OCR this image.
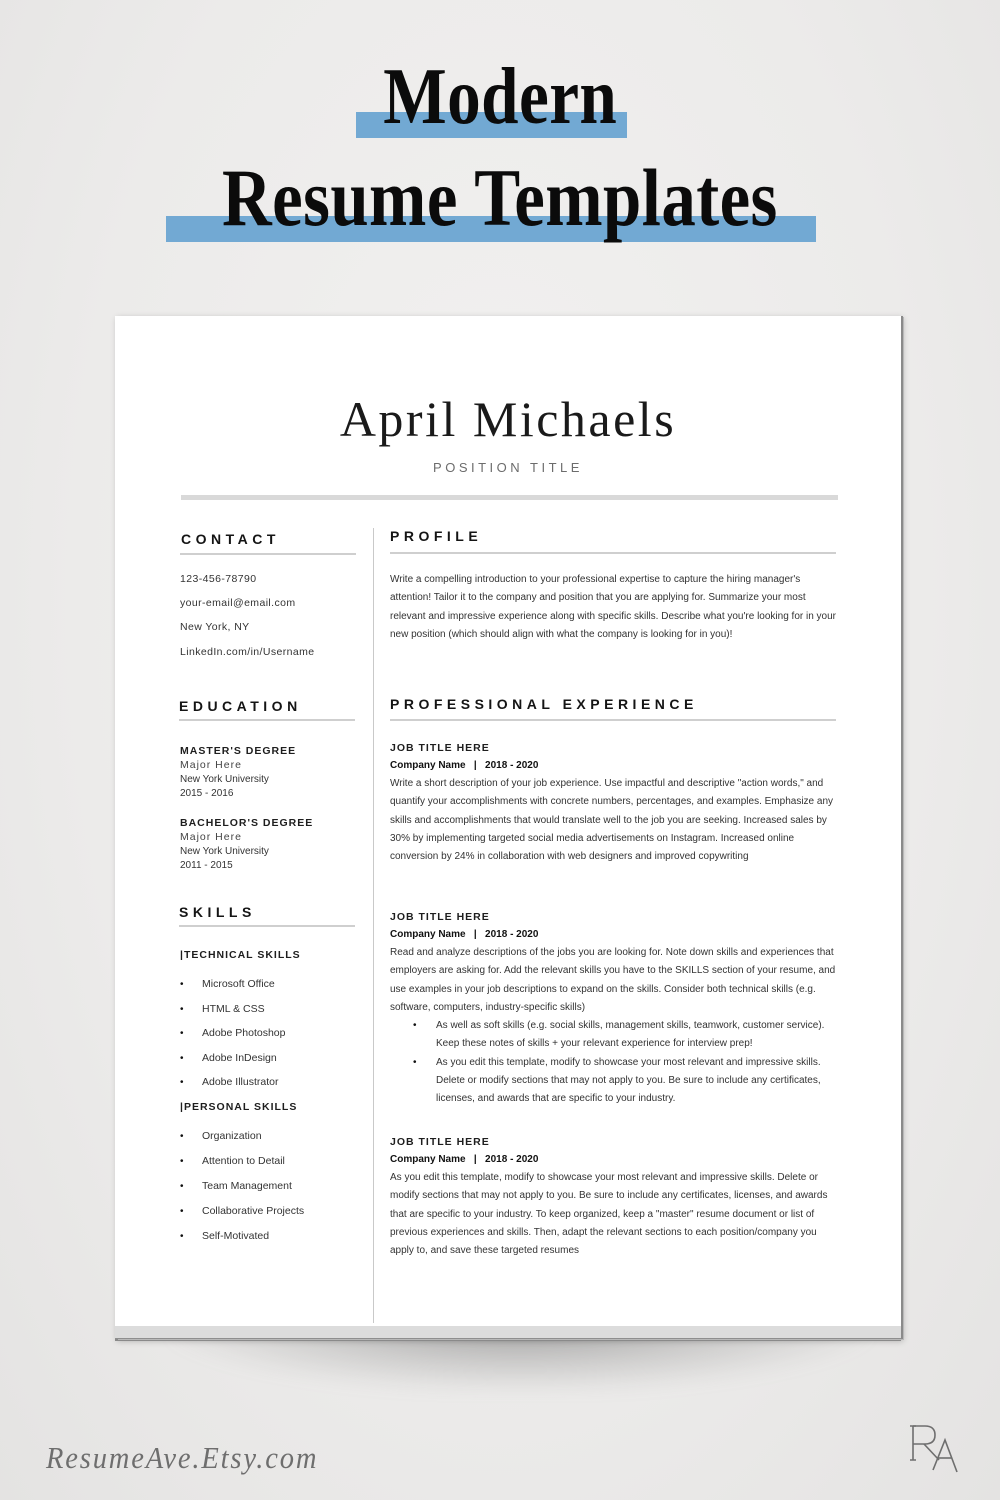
Modern
Resume Templates
April Michaels
POSITION TITLE
CONTACT
123-456-78790
your-email@email.com
New York, NY
LinkedIn.com/in/Username
EDUCATION
MASTER'S DEGREE
Major Here
New York University
2015 - 2016
BACHELOR'S DEGREE
Major Here
New York University
2011 - 2015
SKILLS
|TECHNICAL SKILLS
• Microsoft Office
• HTML & CSS
• Adobe Photoshop
• Adobe InDesign
• Adobe Illustrator
|PERSONAL SKILLS
• Organization
• Attention to Detail
• Team Management
• Collaborative Projects
• Self-Motivated
PROFILE
Write a compelling introduction to your professional expertise to capture the hiring manager's attention! Tailor it to the company and position that you are applying for. Summarize your most relevant and impressive experience along with specific skills. Describe what you're looking for in your new position (which should align with what the company is looking for in you)!
PROFESSIONAL EXPERIENCE
JOB TITLE HERE
Company Name   |   2018 - 2020
Write a short description of your job experience. Use impactful and descriptive "action words," and quantify your accomplishments with concrete numbers, percentages, and examples. Emphasize any skills and accomplishments that would translate well to the job you are seeking. Increased sales by 30% by implementing targeted social media advertisements on Instagram. Increased online conversion by 24% in collaboration with web designers and improved copywriting
JOB TITLE HERE
Company Name   |   2018 - 2020
Read and analyze descriptions of the jobs you are looking for. Note down skills and experiences that employers are asking for. Add the relevant skills you have to the SKILLS section of your resume, and use examples in your job descriptions to expand on the skills. Consider both technical skills (e.g. software, computers, industry-specific skills)
• As well as soft skills (e.g. social skills, management skills, teamwork, customer service). Keep these notes of skills + your relevant experience for interview prep!
• As you edit this template, modify to showcase your most relevant and impressive skills. Delete or modify sections that may not apply to you. Be sure to include any certificates, licenses, and awards that are specific to your industry.
JOB TITLE HERE
Company Name   |   2018 - 2020
As you edit this template, modify to showcase your most relevant and impressive skills. Delete or modify sections that may not apply to you. Be sure to include any certificates, licenses, and awards that are specific to your industry. To keep organized, keep a "master" resume document or list of previous experiences and skills. Then, adapt the relevant sections to each position/company you apply to, and save these targeted resumes
ResumeAve.Etsy.com
